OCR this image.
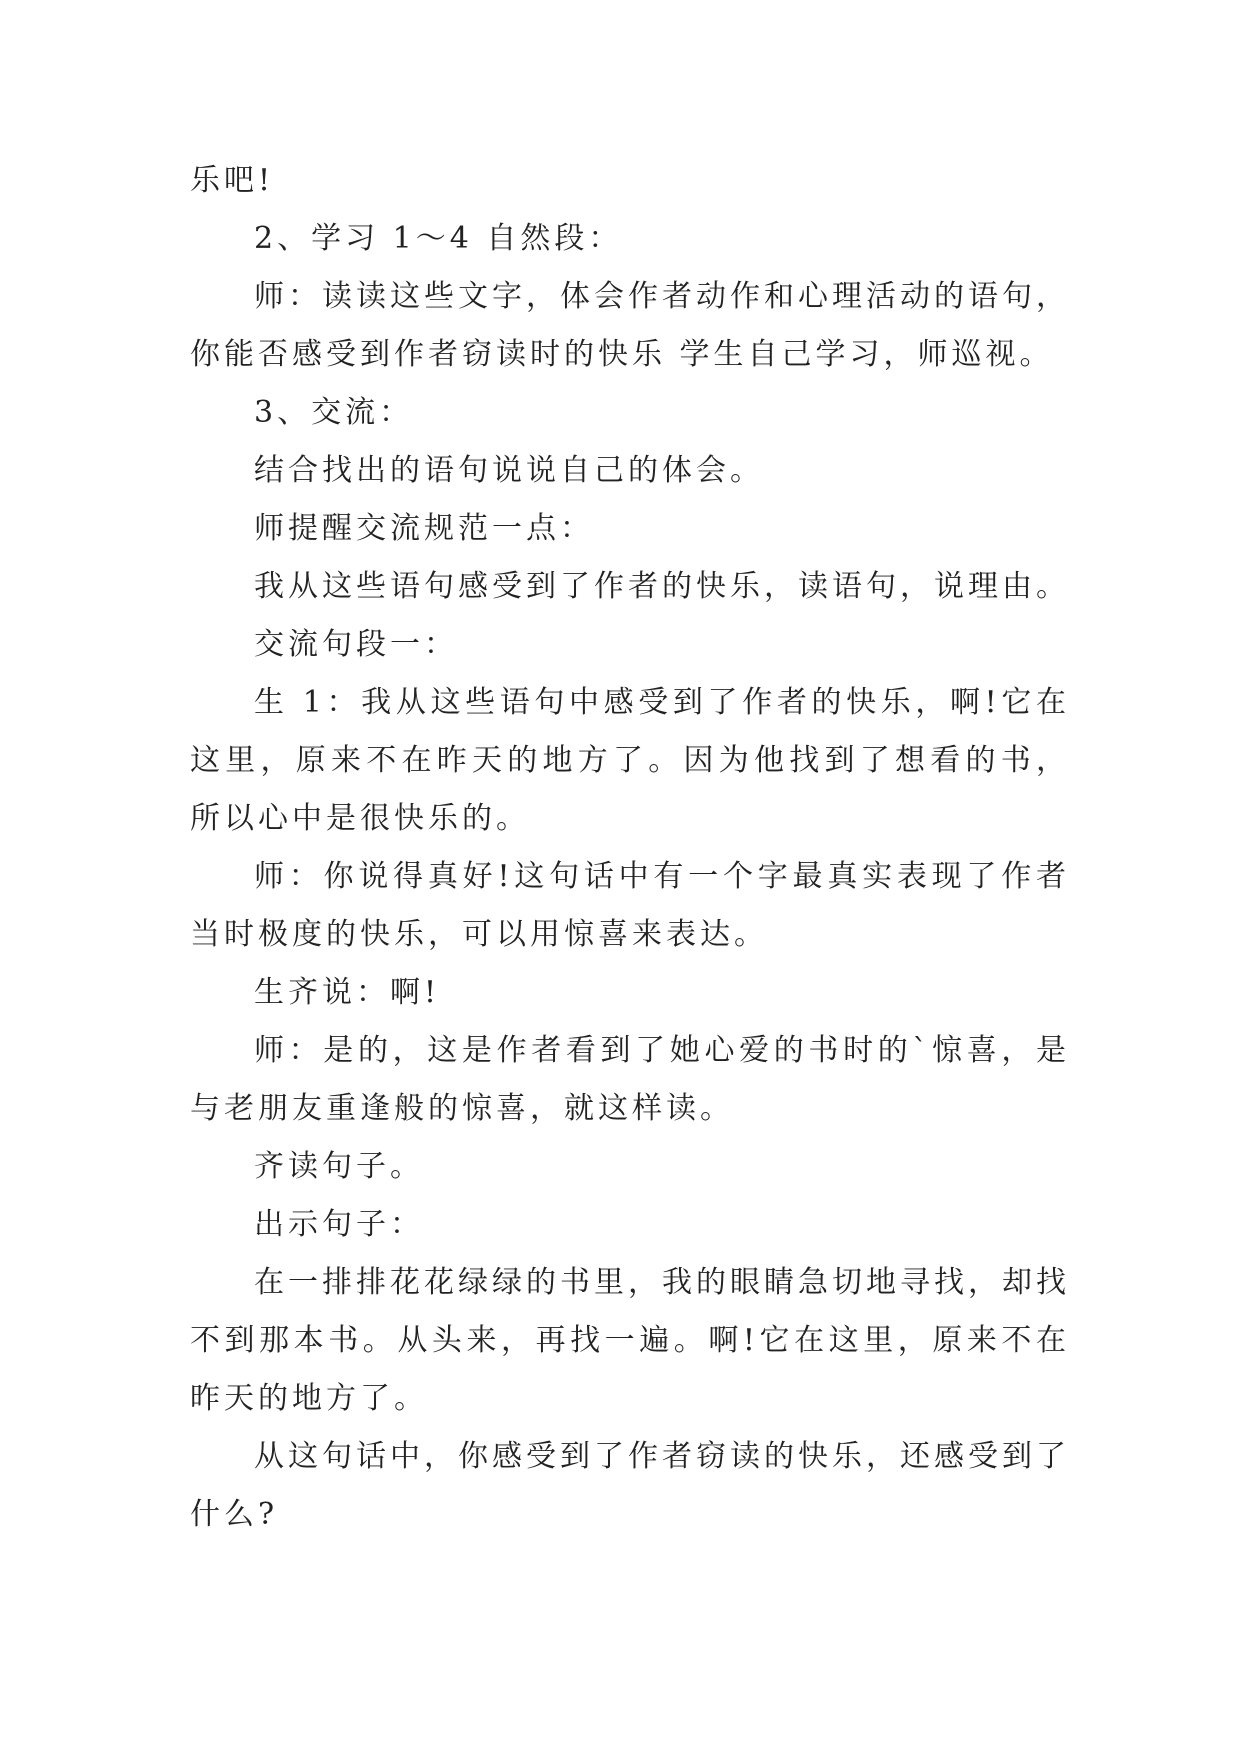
乐吧!

2、学习 1～4 自然段：

师：读读这些文字，体会作者动作和心理活动的语句，你能否感受到作者窃读时的快乐 学生自己学习，师巡视。

3、交流：

结合找出的语句说说自己的体会。

师提醒交流规范一点：

我从这些语句感受到了作者的快乐，读语句，说理由。

交流句段一：

生 1：我从这些语句中感受到了作者的快乐，啊!它在这里，原来不在昨天的地方了。因为他找到了想看的书，所以心中是很快乐的。

师：你说得真好!这句话中有一个字最真实表现了作者当时极度的快乐，可以用惊喜来表达。

生齐说：啊!

师：是的，这是作者看到了她心爱的书时的`惊喜，是与老朋友重逢般的惊喜，就这样读。

齐读句子。

出示句子：

在一排排花花绿绿的书里，我的眼睛急切地寻找，却找不到那本书。从头来，再找一遍。啊!它在这里，原来不在昨天的地方了。

从这句话中，你感受到了作者窃读的快乐，还感受到了什么?
